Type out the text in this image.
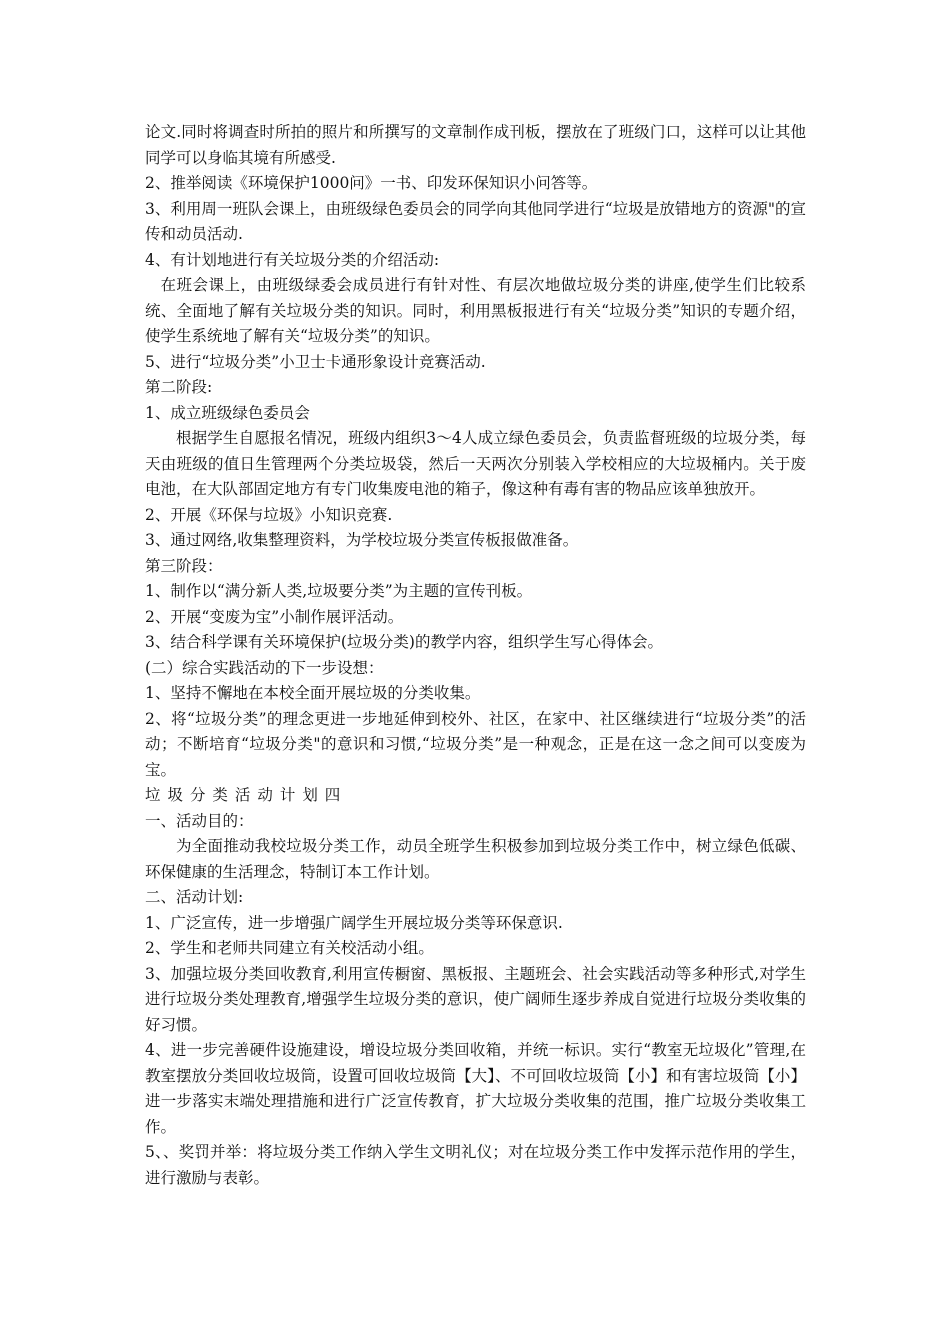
论文.同时将调查时所拍的照片和所撰写的文章制作成刊板，摆放在了班级门口，这样可以让其他同学可以身临其境有所感受.

2、推举阅读《环境保护1000问》一书、印发环保知识小问答等。

3、利用周一班队会课上，由班级绿色委员会的同学向其他同学进行“垃圾是放错地方的资源"的宣传和动员活动.

4、有计划地进行有关垃圾分类的介绍活动:

在班会课上，由班级绿委会成员进行有针对性、有层次地做垃圾分类的讲座,使学生们比较系统、全面地了解有关垃圾分类的知识。同时，利用黑板报进行有关“垃圾分类”知识的专题介绍，使学生系统地了解有关“垃圾分类”的知识。

5、进行“垃圾分类”小卫士卡通形象设计竞赛活动.

第二阶段:

1、成立班级绿色委员会

根据学生自愿报名情况，班级内组织3～4人成立绿色委员会，负责监督班级的垃圾分类，每天由班级的值日生管理两个分类垃圾袋，然后一天两次分别装入学校相应的大垃圾桶内。关于废电池，在大队部固定地方有专门收集废电池的箱子，像这种有毒有害的物品应该单独放开。

2、开展《环保与垃圾》小知识竞赛.

3、通过网络,收集整理资料，为学校垃圾分类宣传板报做准备。

第三阶段：

1、制作以“满分新人类,垃圾要分类”为主题的宣传刊板。

2、开展“变废为宝”小制作展评活动。

3、结合科学课有关环境保护(垃圾分类)的教学内容，组织学生写心得体会。

(二）综合实践活动的下一步设想：

1、坚持不懈地在本校全面开展垃圾的分类收集。

2、将“垃圾分类”的理念更进一步地延伸到校外、社区，在家中、社区继续进行“垃圾分类”的活动；不断培育“垃圾分类"的意识和习惯,“垃圾分类”是一种观念，正是在这一念之间可以变废为宝。

垃圾分类活动计划四

一、活动目的：

为全面推动我校垃圾分类工作，动员全班学生积极参加到垃圾分类工作中，树立绿色低碳、环保健康的生活理念，特制订本工作计划。

二、活动计划:

1、广泛宣传，进一步增强广阔学生开展垃圾分类等环保意识.

2、学生和老师共同建立有关校活动小组。

3、加强垃圾分类回收教育,利用宣传橱窗、黑板报、主题班会、社会实践活动等多种形式,对学生进行垃圾分类处理教育,增强学生垃圾分类的意识，使广阔师生逐步养成自觉进行垃圾分类收集的好习惯。

4、进一步完善硬件设施建设，增设垃圾分类回收箱，并统一标识。实行“教室无垃圾化”管理,在教室摆放分类回收垃圾筒，设置可回收垃圾筒【大】、不可回收垃圾筒【小】和有害垃圾筒【小】进一步落实末端处理措施和进行广泛宣传教育，扩大垃圾分类收集的范围，推广垃圾分类收集工作。

5、、奖罚并举：将垃圾分类工作纳入学生文明礼仪；对在垃圾分类工作中发挥示范作用的学生，进行激励与表彰。
